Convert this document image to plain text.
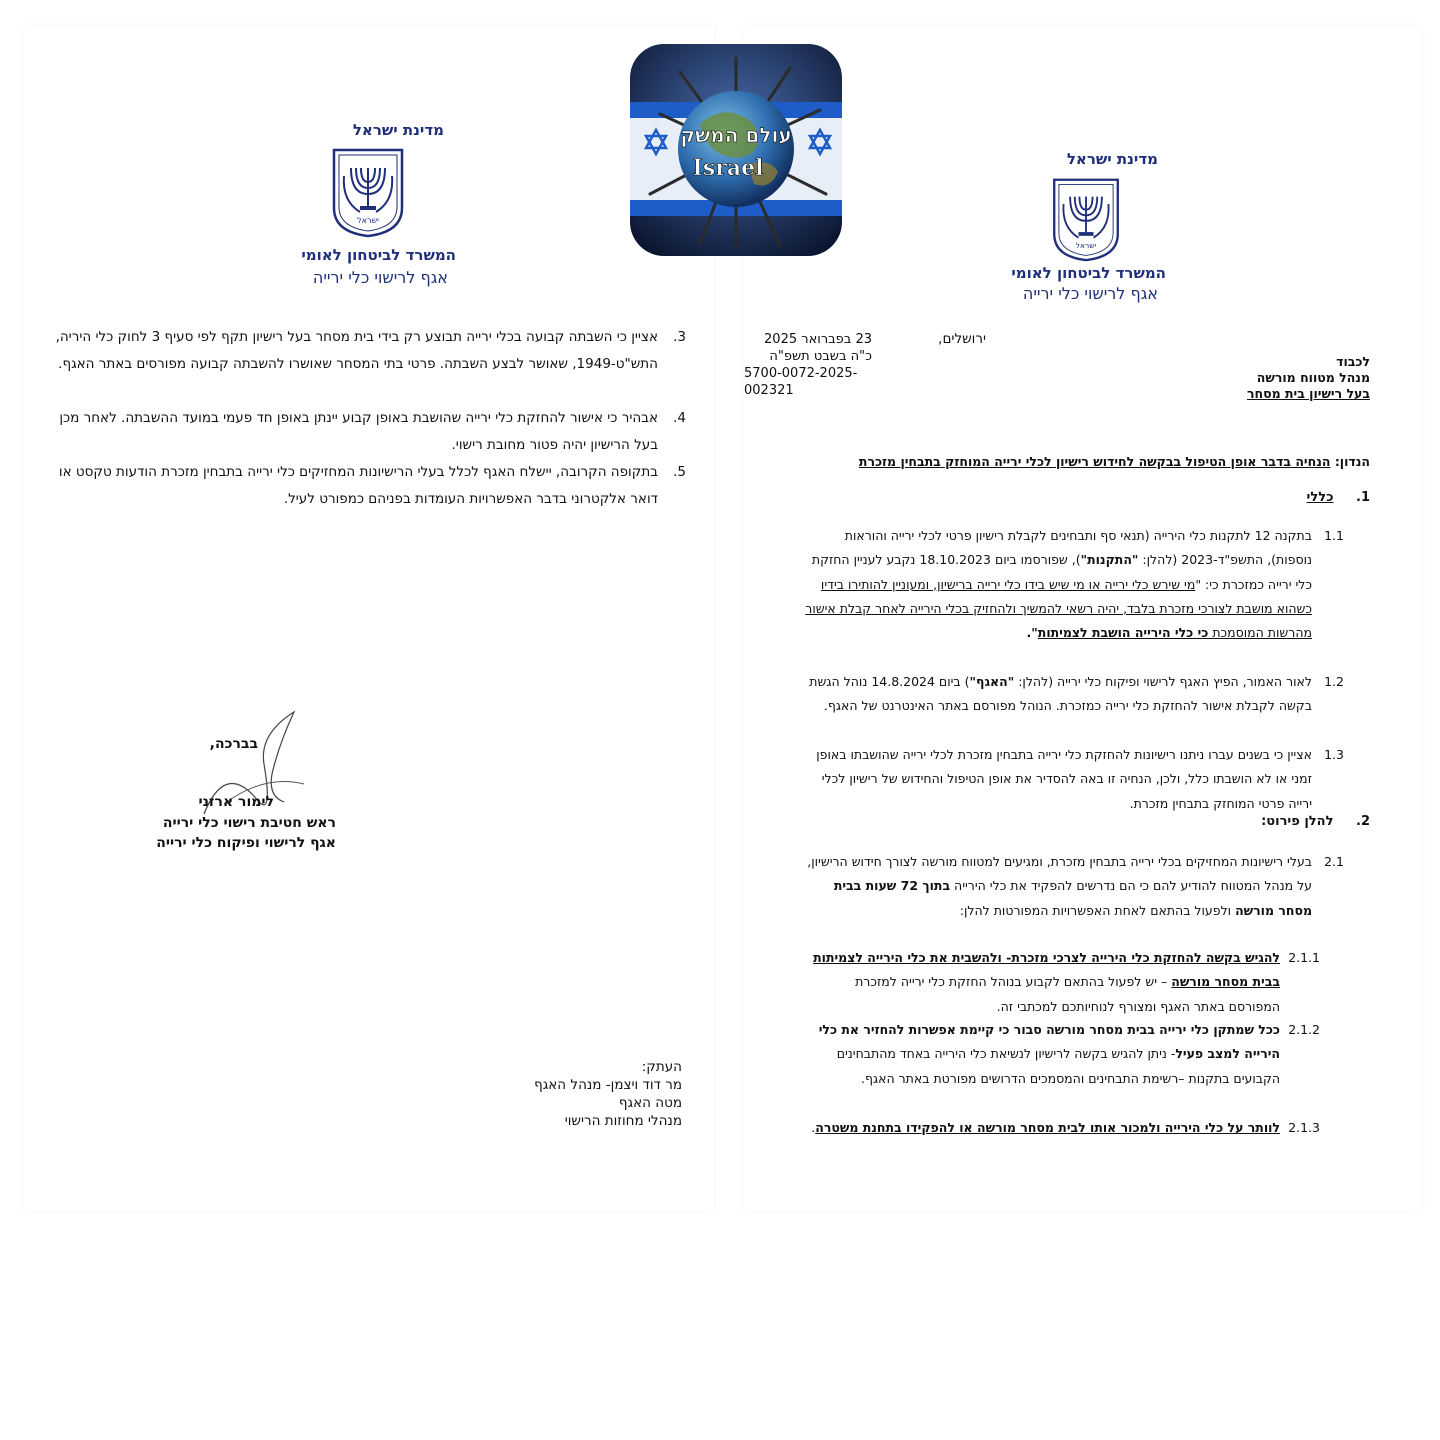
מדינת ישראל
ישראל
המשרד לביטחון לאומי
אגף לרישוי כלי ירייה
3.
אציין כי השבתה קבועה בכלי ירייה תבוצע רק בידי בית מסחר בעל רישיון תקף לפי סעיף 3 לחוק כלי היריה, התש"ט-1949, שאושר לבצע השבתה. פרטי בתי המסחר שאושרו להשבתה קבועה מפורסים באתר האגף.
4.
אבהיר כי אישור להחזקת כלי ירייה שהושבת באופן קבוע יינתן באופן חד פעמי במועד ההשבתה. לאחר מכן בעל הרישיון יהיה פטור מחובת רישוי.
5.
בתקופה הקרובה, יישלח האגף לכלל בעלי הרישיונות המחזיקים כלי ירייה בתבחין מזכרת הודעות טקסט או דואר אלקטרוני בדבר האפשרויות העומדות בפניהם כמפורט לעיל.
בברכה,
לימור ארזני
ראש חטיבת רישוי כלי ירייה
אגף לרישוי ופיקוח כלי ירייה
העתק:
מר דוד ויצמן- מנהל האגף
מטה האגף
מנהלי מחוזות הרישוי
מדינת ישראל
ישראל
המשרד לביטחון לאומי
אגף לרישוי כלי ירייה
ירושלים,
23 בפברואר 2025
כ"ה בשבט תשפ"ה
5700-0072-2025-002321
לכבוד
מנהל מטווח מורשה
בעל רישיון בית מסחר
הנדון: הנחיה בדבר אופן הטיפול בבקשה לחידוש רישיון לכלי ירייה המוחזק בתבחין מזכרת
1. כללי
1.1
בתקנה 12 לתקנות כלי הירייה (תנאי סף ותבחינים לקבלת רישיון פרטי לכלי ירייה והוראות נוספות), התשפ"ד-2023 (להלן: "התקנות"), שפורסמו ביום 18.10.2023 נקבע לעניין החזקת כלי ירייה כמזכרת כי: "מי שירש כלי ירייה או מי שיש בידו כלי ירייה ברישיון, ומעוניין להותירו בידיו כשהוא מושבת לצורכי מזכרת בלבד, יהיה רשאי להמשיך ולהחזיק בכלי הירייה לאחר קבלת אישור מהרשות המוסמכת כי כלי הירייה הושבת לצמיתות".
1.2
לאור האמור, הפיץ האגף לרישוי ופיקוח כלי ירייה (להלן: "האגף") ביום 14.8.2024 נוהל הגשת בקשה לקבלת אישור להחזקת כלי ירייה כמזכרת. הנוהל מפורסם באתר האינטרנט של האגף.
1.3
אציין כי בשנים עברו ניתנו רישיונות להחזקת כלי ירייה בתבחין מזכרת לכלי ירייה שהושבתו באופן זמני או לא הושבתו כלל, ולכן, הנחיה זו באה להסדיר את אופן הטיפול והחידוש של רישיון לכלי ירייה פרטי המוחזק בתבחין מזכרת.
2. להלן פירוט:
2.1
בעלי רישיונות המחזיקים בכלי ירייה בתבחין מזכרת, ומגיעים למטווח מורשה לצורך חידוש הרישיון, על מנהל המטווח להודיע להם כי הם נדרשים להפקיד את כלי הירייה בתוך 72 שעות בבית מסחר מורשה ולפעול בהתאם לאחת האפשרויות המפורטות להלן:
2.1.1
להגיש בקשה להחזקת כלי הירייה לצרכי מזכרת- ולהשבית את כלי הירייה לצמיתות בבית מסחר מורשה – יש לפעול בהתאם לקבוע בנוהל החזקת כלי ירייה למזכרת המפורסם באתר האגף ומצורף לנוחיותכם למכתבי זה.
2.1.2
ככל שמתקן כלי ירייה בבית מסחר מורשה סבור כי קיימת אפשרות להחזיר את כלי הירייה למצב פעיל- ניתן להגיש בקשה לרישיון לנשיאת כלי הירייה באחד מהתבחינים הקבועים בתקנות –רשימת התבחינים והמסמכים הדרושים מפורטת באתר האגף.
2.1.3
לוותר על כלי הירייה ולמכור אותו לבית מסחר מורשה או להפקידו בתחנת משטרה.
עולם המשק
Israel
